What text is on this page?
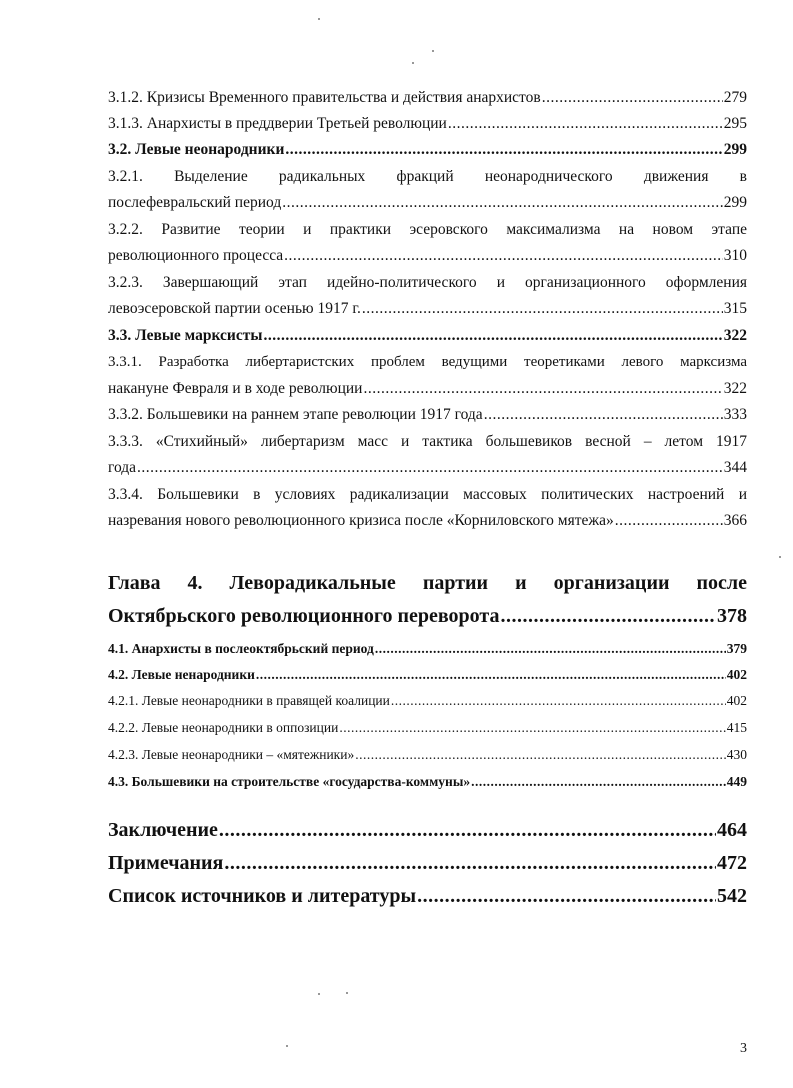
3.1.2. Кризисы Временного правительства и действия анархистов .....	279
3.1.3. Анархисты в преддверии Третьей революции .....	295
3.2. Левые неонародники .....	299
3.2.1. Выделение радикальных фракций неонароднического движения в
послефевральский период .....	299
3.2.2. Развитие теории и практики эсеровского максимализма на новом этапе
революционного процесса .....	310
3.2.3. Завершающий этап идейно-политического и организационного оформления
левоэсеровской партии осенью 1917 г. .....	315
3.3. Левые марксисты .....	322
3.3.1. Разработка либертаристских проблем ведущими теоретиками левого марксизма
накануне Февраля и в ходе революции .....	322
3.3.2. Большевики на раннем этапе революции 1917 года .....	333
3.3.3. «Стихийный» либертаризм масс и тактика большевиков весной – летом 1917
года .....	344
3.3.4. Большевики в условиях радикализации массовых политических настроений и
назревания нового революционного кризиса после «Корниловского мятежа» .....	366
Глава 4. Леворадикальные партии и организации после
Октябрьского революционного переворота .....	378
4.1. Анархисты в послеоктябрьский период .....	379
4.2. Левые ненародники .....	402
4.2.1. Левые неонародники в правящей коалиции .....	402
4.2.2. Левые неонародники в оппозиции .....	415
4.2.3. Левые неонародники – «мятежники» .....	430
4.3. Большевики на строительстве «государства-коммуны» .....	449
Заключение .....	464
Примечания .....	472
Список источников и литературы .....	542
3
